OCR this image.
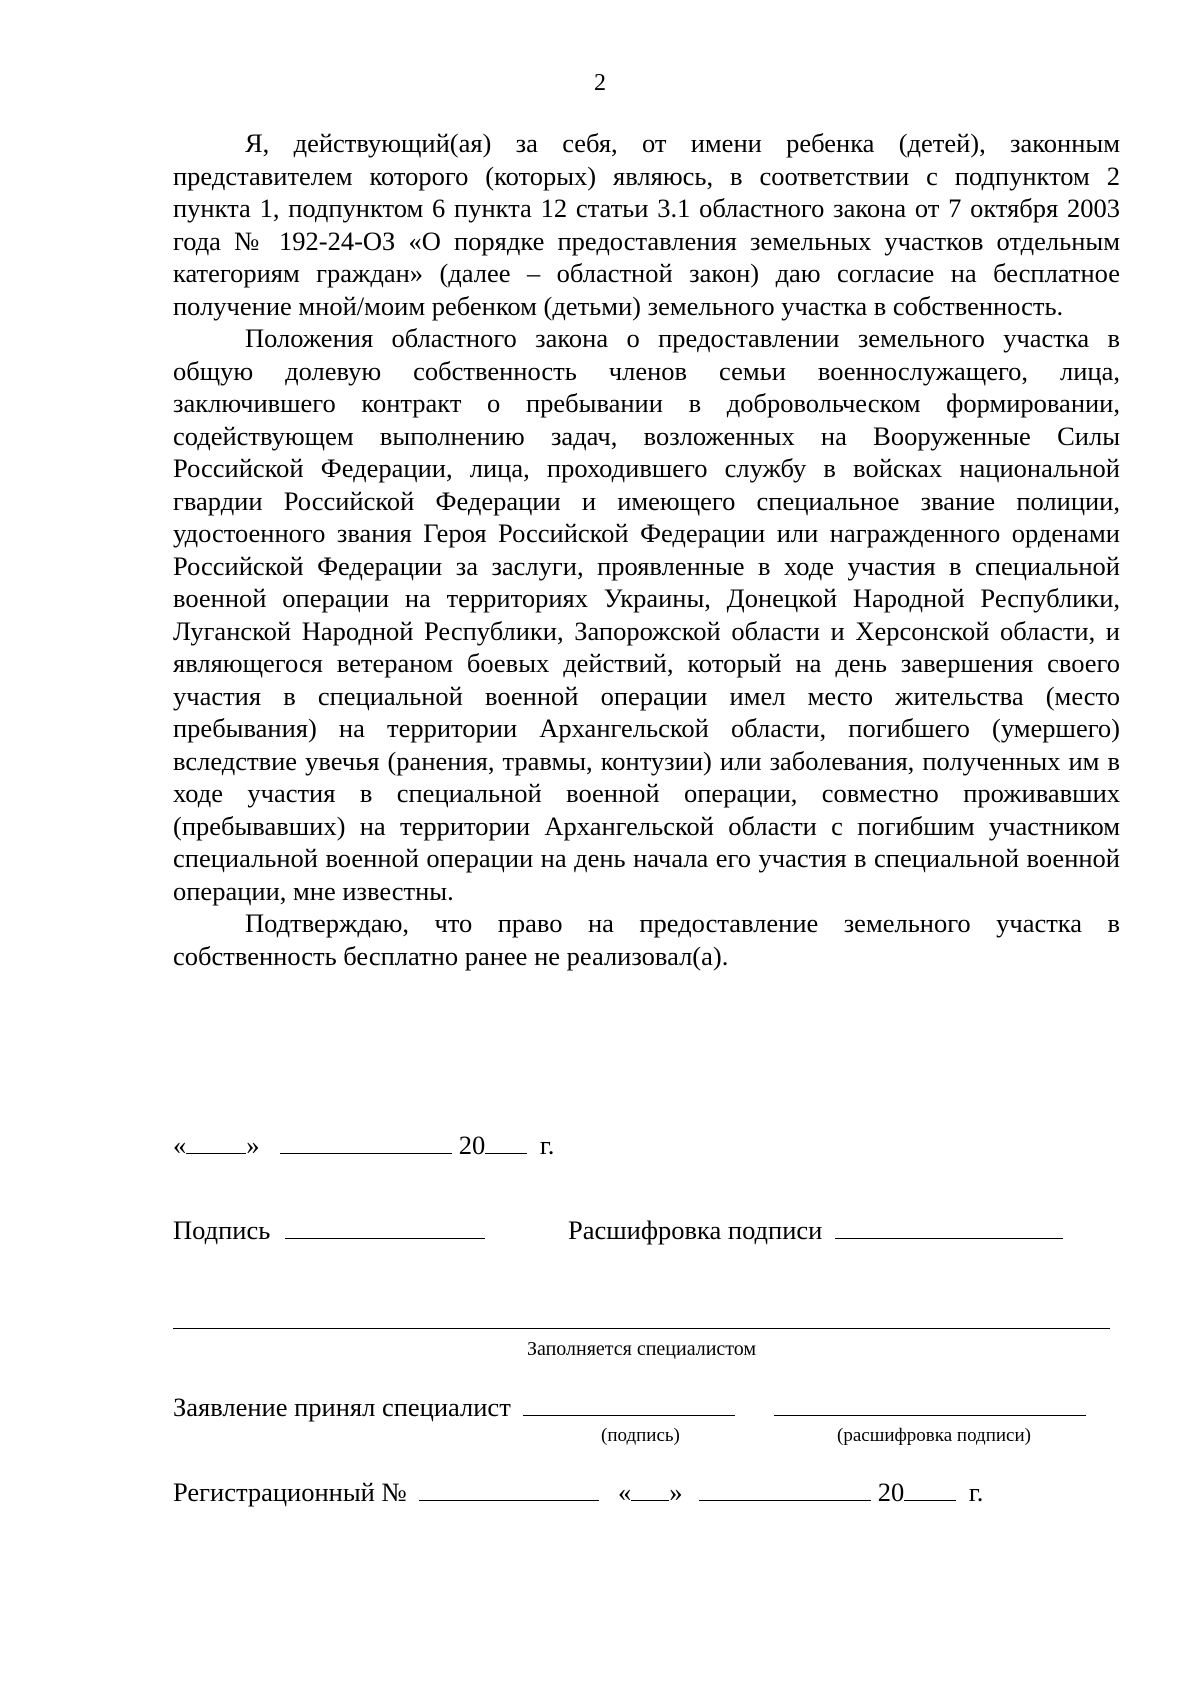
2

Я, действующий(ая) за себя, от имени ребенка (детей), законным представителем которого (которых) являюсь, в соответствии с подпунктом 2 пункта 1, подпунктом 6 пункта 12 статьи 3.1 областного закона от 7 октября 2003 года № 192-24-ОЗ «О порядке предоставления земельных участков отдельным категориям граждан» (далее – областной закон) даю согласие на бесплатное получение мной/моим ребенком (детьми) земельного участка в собственность.

Положения областного закона о предоставлении земельного участка в общую долевую собственность членов семьи военнослужащего, лица, заключившего контракт о пребывании в добровольческом формировании, содействующем выполнению задач, возложенных на Вооруженные Силы Российской Федерации, лица, проходившего службу в войсках национальной гвардии Российской Федерации и имеющего специальное звание полиции, удостоенного звания Героя Российской Федерации или награжденного орденами Российской Федерации за заслуги, проявленные в ходе участия в специальной военной операции на территориях Украины, Донецкой Народной Республики, Луганской Народной Республики, Запорожской области и Херсонской области, и являющегося ветераном боевых действий, который на день завершения своего участия в специальной военной операции имел место жительства (место пребывания) на территории Архангельской области, погибшего (умершего) вследствие увечья (ранения, травмы, контузии) или заболевания, полученных им в ходе участия в специальной военной операции, совместно проживавших (пребывавших) на территории Архангельской области с погибшим участником специальной военной операции на день начала его участия в специальной военной операции, мне известны.

Подтверждаю, что право на предоставление земельного участка в собственность бесплатно ранее не реализовал(а).

« »	20 г.
Подпись	Расшифровка подписи
Заполняется специалистом
Заявление принял специалист
(подпись)	(расшифровка подписи)
Регистрационный №	« »	20 г.
